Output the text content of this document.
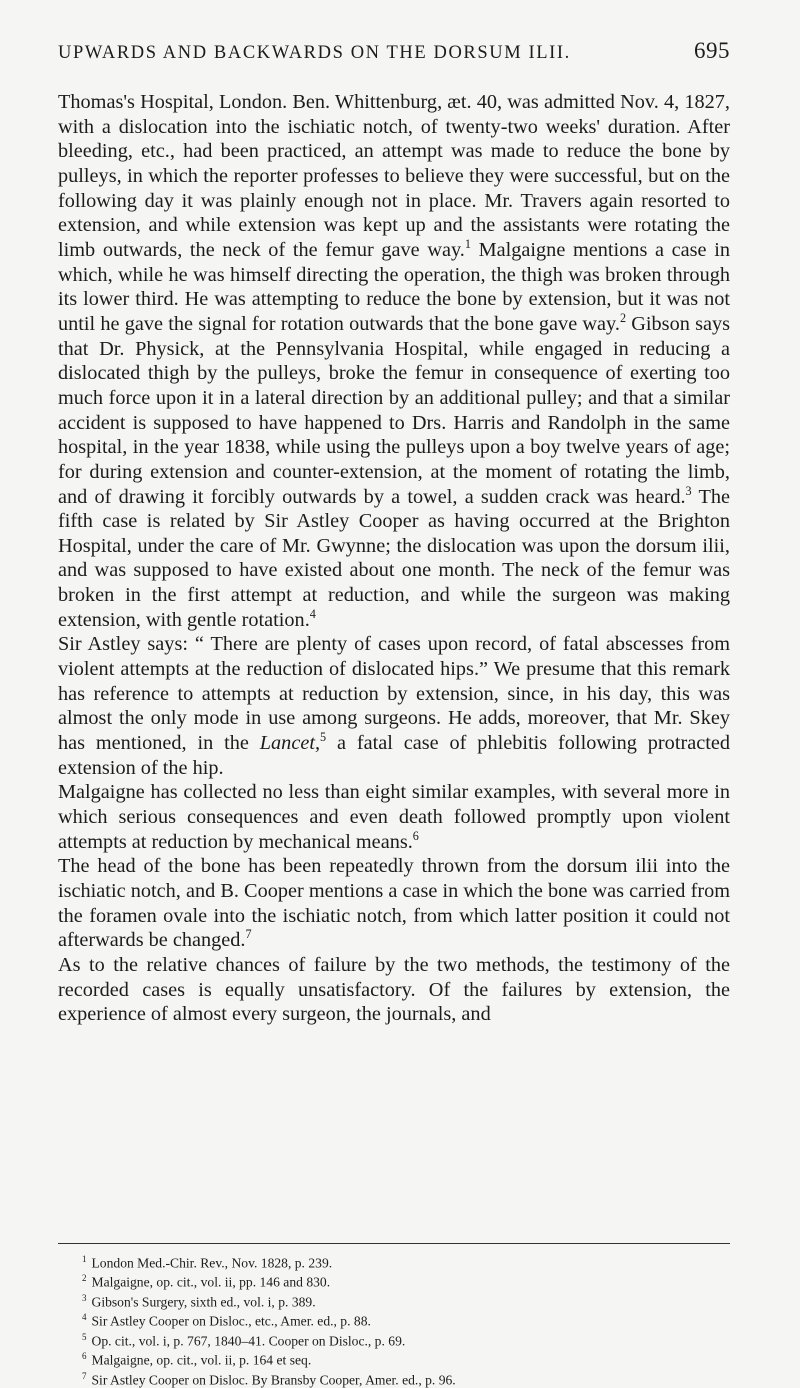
UPWARDS AND BACKWARDS ON THE DORSUM ILII.	695

Thomas's Hospital, London. Ben. Whittenburg, æt. 40, was admitted Nov. 4, 1827, with a dislocation into the ischiatic notch, of twenty-two weeks' duration. After bleeding, etc., had been practiced, an attempt was made to reduce the bone by pulleys, in which the reporter professes to believe they were successful, but on the following day it was plainly enough not in place. Mr. Travers again resorted to extension, and while extension was kept up and the assistants were rotating the limb outwards, the neck of the femur gave way.$^1$ Malgaigne mentions a case in which, while he was himself directing the operation, the thigh was broken through its lower third. He was attempting to reduce the bone by extension, but it was not until he gave the signal for rotation outwards that the bone gave way.$^2$ Gibson says that Dr. Physick, at the Pennsylvania Hospital, while engaged in reducing a dislocated thigh by the pulleys, broke the femur in consequence of exerting too much force upon it in a lateral direction by an additional pulley; and that a similar accident is supposed to have happened to Drs. Harris and Randolph in the same hospital, in the year 1838, while using the pulleys upon a boy twelve years of age; for during extension and counter-extension, at the moment of rotating the limb, and of drawing it forcibly outwards by a towel, a sudden crack was heard.$^3$ The fifth case is related by Sir Astley Cooper as having occurred at the Brighton Hospital, under the care of Mr. Gwynne; the dislocation was upon the dorsum ilii, and was supposed to have existed about one month. The neck of the femur was broken in the first attempt at reduction, and while the surgeon was making extension, with gentle rotation.$^4$

Sir Astley says: “ There are plenty of cases upon record, of fatal abscesses from violent attempts at the reduction of dislocated hips.” We presume that this remark has reference to attempts at reduction by extension, since, in his day, this was almost the only mode in use among surgeons. He adds, moreover, that Mr. Skey has mentioned, in the Lancet,$^5$ a fatal case of phlebitis following protracted extension of the hip.

Malgaigne has collected no less than eight similar examples, with several more in which serious consequences and even death followed promptly upon violent attempts at reduction by mechanical means.$^6$

The head of the bone has been repeatedly thrown from the dorsum ilii into the ischiatic notch, and B. Cooper mentions a case in which the bone was carried from the foramen ovale into the ischiatic notch, from which latter position it could not afterwards be changed.$^7$

As to the relative chances of failure by the two methods, the testimony of the recorded cases is equally unsatisfactory. Of the failures by extension, the experience of almost every surgeon, the journals, and

$^1$ London Med.-Chir. Rev., Nov. 1828, p. 239.
$^2$ Malgaigne, op. cit., vol. ii, pp. 146 and 830.
$^3$ Gibson's Surgery, sixth ed., vol. i, p. 389.
$^4$ Sir Astley Cooper on Disloc., etc., Amer. ed., p. 88.
$^5$ Op. cit., vol. i, p. 767, 1840–41. Cooper on Disloc., p. 69.
$^6$ Malgaigne, op. cit., vol. ii, p. 164 et seq.
$^7$ Sir Astley Cooper on Disloc. By Bransby Cooper, Amer. ed., p. 96.
